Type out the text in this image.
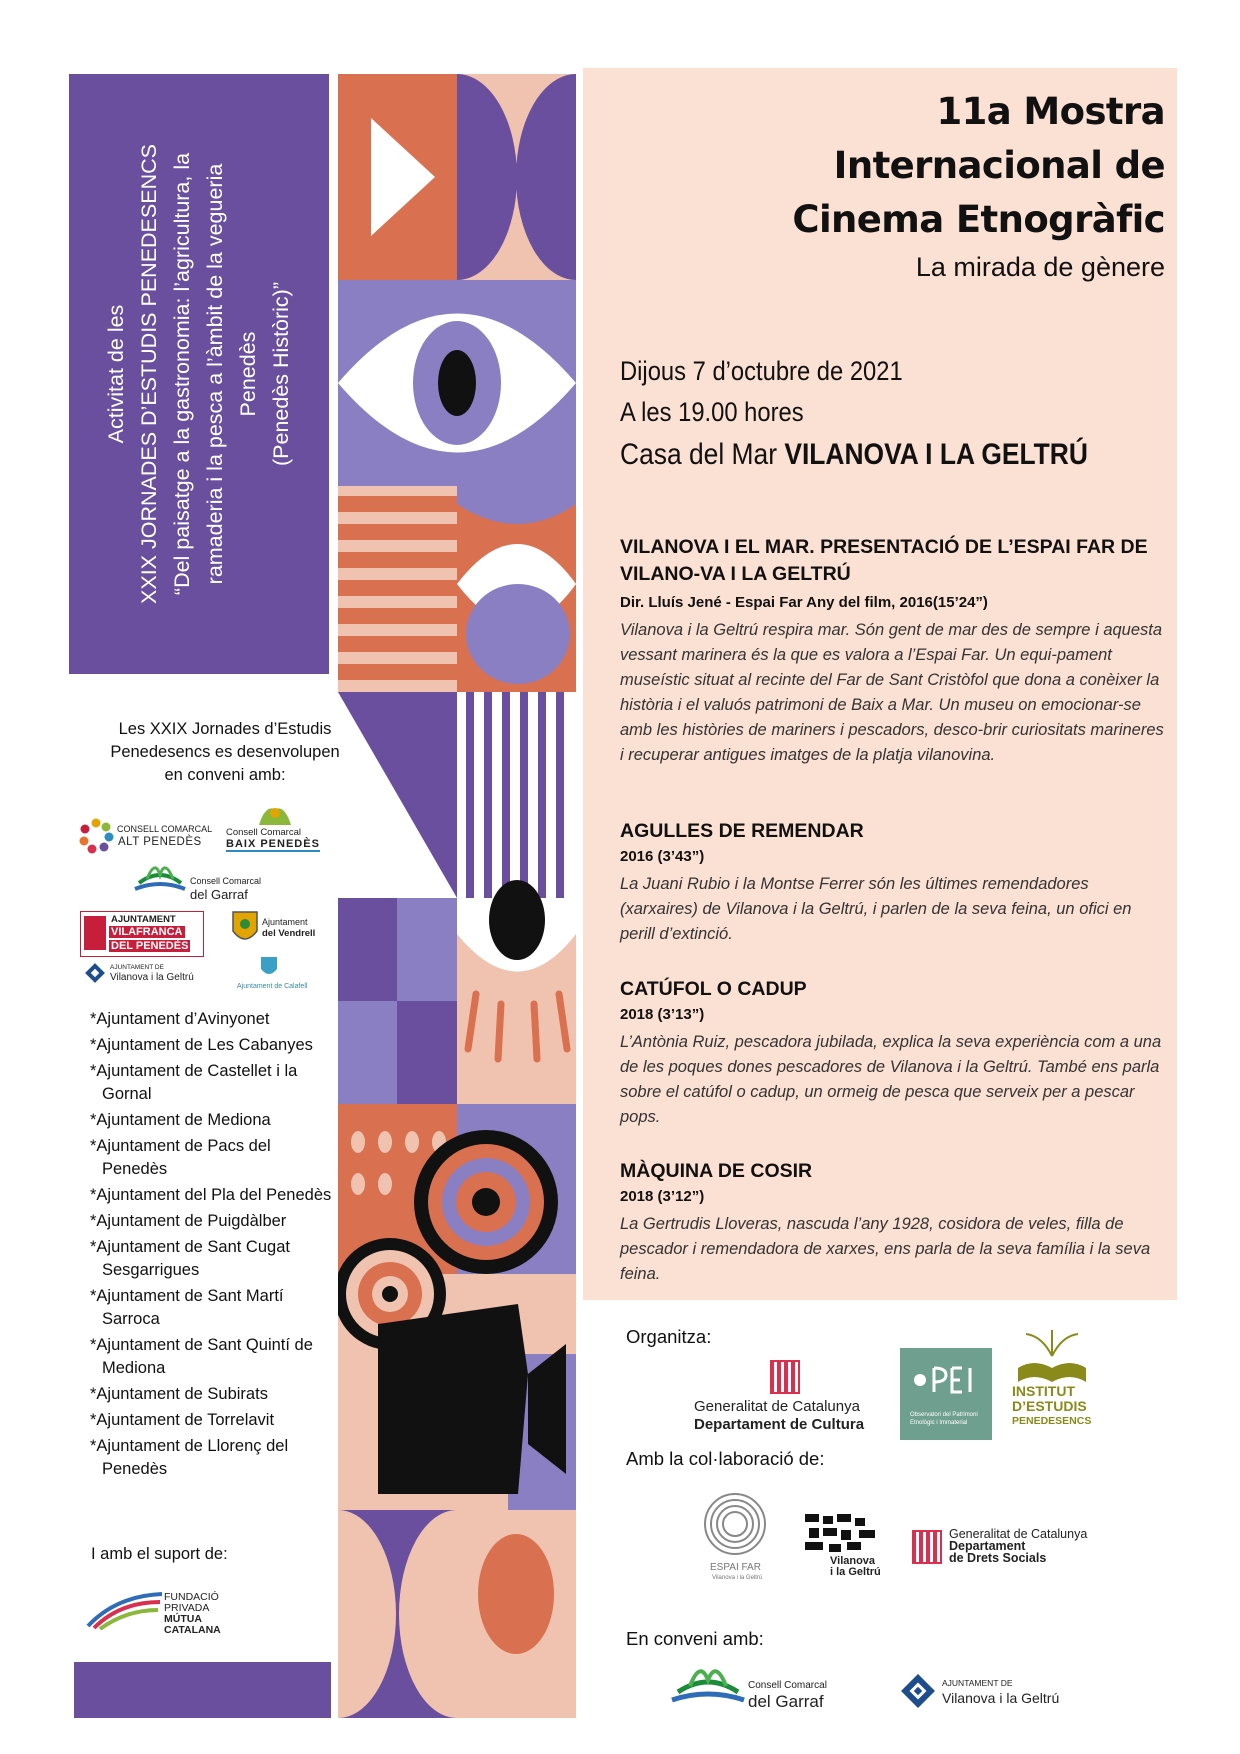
Activitat de les XXIX JORNADES D’ESTUDIS PENEDESENCS “Del paisatge a la gastronomia: l’agricultura, la ramaderia i la pesca a l’àmbit de la vegueria Penedès (Penedès Històric)”
11a Mostra
Internacional de
Cinema Etnogràfic
La mirada de gènere
Dijous 7 d’octubre de 2021
A les 19.00 hores
Casa del Mar VILANOVA I LA GELTRÚ
VILANOVA I EL MAR. PRESENTACIÓ DE L’ESPAI FAR DE VILANO-VA I LA GELTRÚ
Dir. Lluís Jené - Espai Far Any del film, 2016(15’24”)
Vilanova i la Geltrú respira mar. Són gent de mar des de sempre i aquesta vessant marinera és la que es valora a l’Espai Far. Un equi-pament museístic situat al recinte del Far de Sant Cristòfol que dona a conèixer la història i el valuós patrimoni de Baix a Mar. Un museu on emocionar-se amb les històries de mariners i pescadors, desco-brir curiositats marineres i recuperar antigues imatges de la platja vilanovina.
AGULLES DE REMENDAR
2016 (3’43”)
La Juani Rubio i la Montse Ferrer són les últimes remendadores (xarxaires) de Vilanova i la Geltrú, i parlen de la seva feina, un ofici en perill d’extinció.
CATÚFOL O CADUP
2018 (3’13”)
L’Antònia Ruiz, pescadora jubilada, explica la seva experiència com a una de les poques dones pescadores de Vilanova i la Geltrú. També ens parla sobre el catúfol o cadup, un ormeig de pesca que serveix per a pescar pops.
MÀQUINA DE COSIR
2018 (3’12”)
La Gertrudis Lloveras, nascuda l’any 1928, cosidora de veles, filla de pescador i remendadora de xarxes, ens parla de la seva família i la seva feina.
Les XXIX Jornades d’Estudis Penedesencs es desenvolupen en conveni amb:
CONSELL COMARCAL
ALT PENEDÈS
Consell Comarcal
BAIX PENEDÈS
Consell Comarcal
del Garraf
AJUNTAMENT
VILAFRANCA
DEL PENEDÈS
Ajuntament
del Vendrell
AJUNTAMENT DE
Vilanova i la Geltrú
Ajuntament de Calafell
*Ajuntament d’Avinyonet
*Ajuntament de Les Cabanyes
*Ajuntament de Castellet i la Gornal
*Ajuntament de Mediona
*Ajuntament de Pacs del Penedès
*Ajuntament del Pla del Penedès
*Ajuntament de Puigdàlber
*Ajuntament de Sant Cugat Sesgarrigues
*Ajuntament de Sant Martí Sarroca
*Ajuntament de Sant Quintí de Mediona
*Ajuntament de Subirats
*Ajuntament de Torrelavit
*Ajuntament de Llorenç del Penedès
I amb el suport de:
FUNDACIÓ
PRIVADA
MÚTUA
CATALANA
Organitza:
Generalitat de Catalunya
Departament de Cultura
Observatori del Patrimoni
Etnològic i Immaterial
INSTITUT
D’ESTUDIS
PENEDESENCS
Amb la col·laboració de:
ESPAI FAR
Vilanova i la Geltrú
Vilanova
i la Geltrú
Generalitat de Catalunya
Departament
de Drets Socials
En conveni amb:
Consell Comarcal
del Garraf
AJUNTAMENT DE
Vilanova i la Geltrú
